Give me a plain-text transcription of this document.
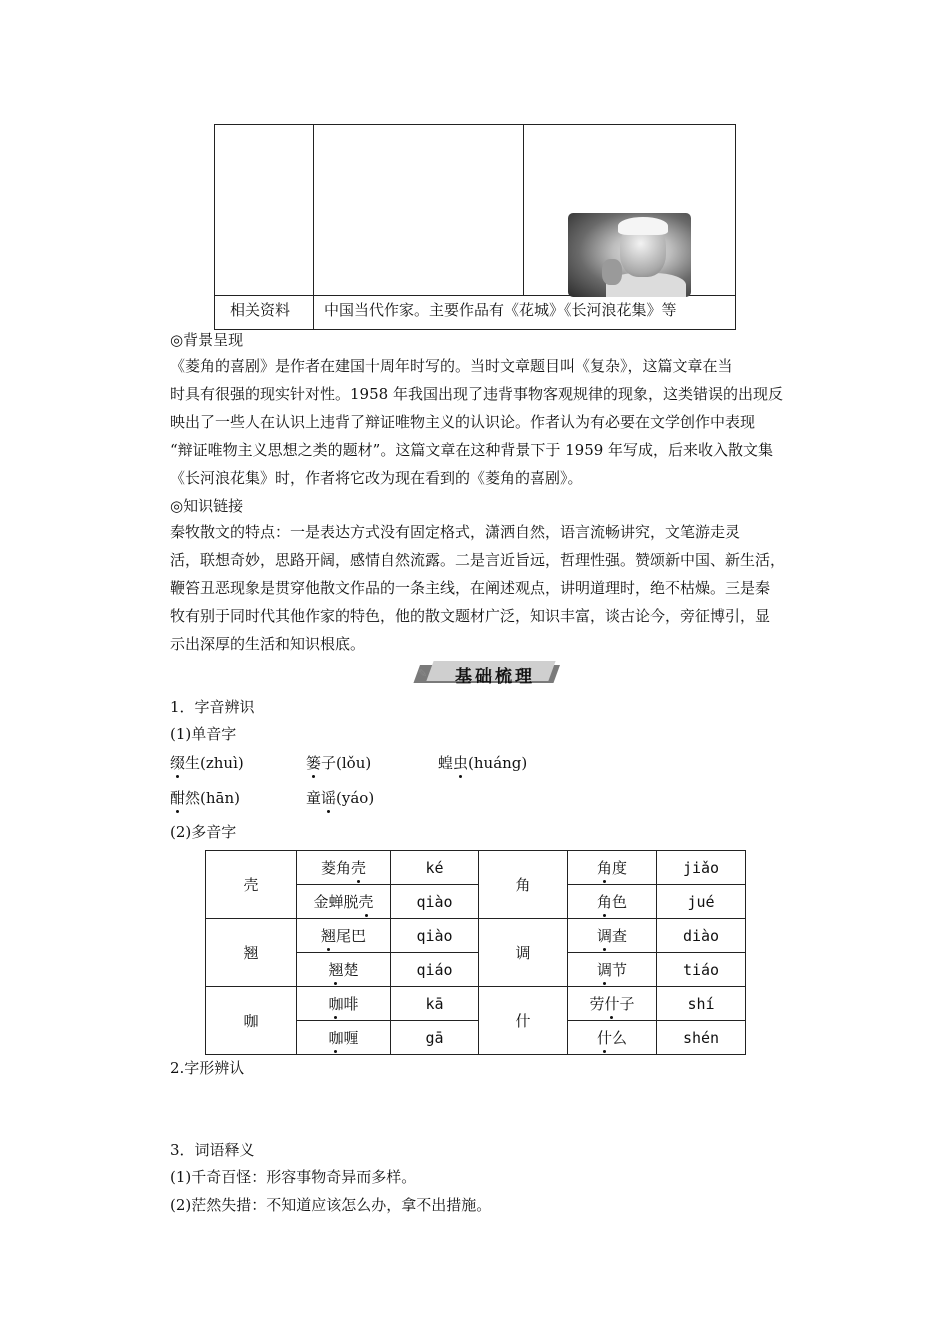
相关资料 中国当代作家。主要作品有《花城》《长河浪花集》等
◎背景呈现
《菱角的喜剧》是作者在建国十周年时写的。当时文章题目叫《复杂》，这篇文章在当
时具有很强的现实针对性。1958 年我国出现了违背事物客观规律的现象，这类错误的出现反
映出了一些人在认识上违背了辩证唯物主义的认识论。作者认为有必要在文学创作中表现
“辩证唯物主义思想之类的题材”。这篇文章在这种背景下于 1959 年写成，后来收入散文集
《长河浪花集》时，作者将它改为现在看到的《菱角的喜剧》。
◎知识链接
秦牧散文的特点：一是表达方式没有固定格式，潇洒自然，语言流畅讲究，文笔游走灵
活，联想奇妙，思路开阔，感情自然流露。二是言近旨远，哲理性强。赞颂新中国、新生活，
鞭笞丑恶现象是贯穿他散文作品的一条主线，在阐述观点，讲明道理时，绝不枯燥。三是秦
牧有别于同时代其他作家的特色，他的散文题材广泛，知识丰富，谈古论今，旁征博引，显
示出深厚的生活和知识根底。
✎	基础梳理
1．字音辨识
(1)单音字
缀生(zhuì)	篓子(lǒu)	蝗虫(huáng)
酣然(hān)	童谣(yáo)
(2)多音字
壳	菱角壳	ké	角	角度	jiǎo
	金蝉脱壳	qiào		角色	jué
翘	翘尾巴	qiào	调	调查	diào
	翘楚	qiáo		调节	tiáo
咖	咖啡	kā	什	劳什子	shí
	咖喱	gā		什么	shén
2.字形辨认
3．词语释义
(1)千奇百怪：形容事物奇异而多样。
(2)茫然失措：不知道应该怎么办，拿不出措施。
